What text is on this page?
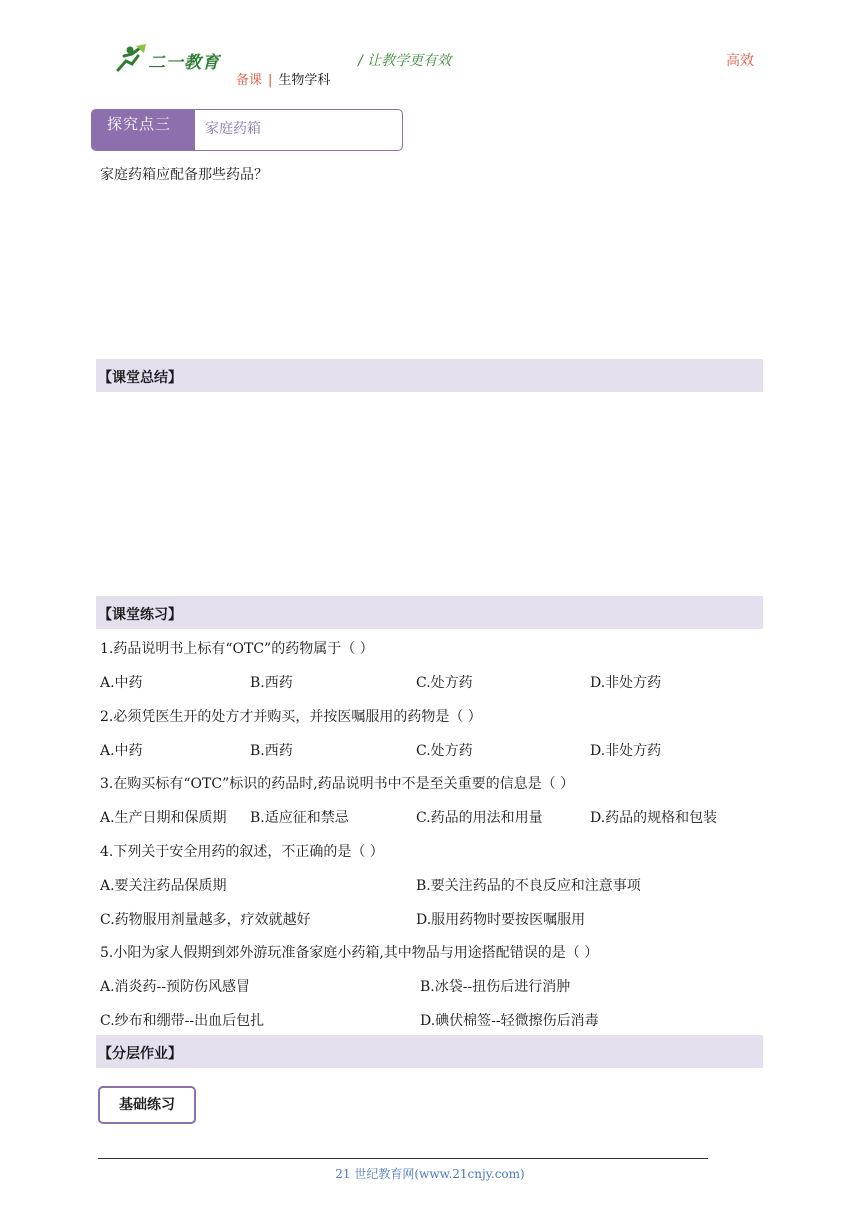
二一教育	/ 让教学更有效	高效
备课 | 生物学科
探究点三	家庭药箱
家庭药箱应配备那些药品？
【课堂总结】
【课堂练习】
1.药品说明书上标有“OTC”的药物属于（ ）
A.中药	B.西药	C.处方药	D.非处方药
2.必须凭医生开的处方才并购买，并按医嘱服用的药物是（ ）
A.中药	B.西药	C.处方药	D.非处方药
3.在购买标有“OTC”标识的药品时,药品说明书中不是至关重要的信息是（ ）
A.生产日期和保质期 B.适应征和禁忌	C.药品的用法和用量	D.药品的规格和包装
4.下列关于安全用药的叙述，不正确的是（ ）
A.要关注药品保质期	B.要关注药品的不良反应和注意事项
C.药物服用剂量越多，疗效就越好	D.服用药物时要按医嘱服用
5.小阳为家人假期到郊外游玩准备家庭小药箱,其中物品与用途搭配错误的是（ ）
A.消炎药--预防伤风感冒	B.冰袋--扭伤后进行消肿
C.纱布和绷带--出血后包扎	D.碘伏棉签--轻微擦伤后消毒
【分层作业】
基础练习
21 世纪教育网(www.21cnjy.com)
